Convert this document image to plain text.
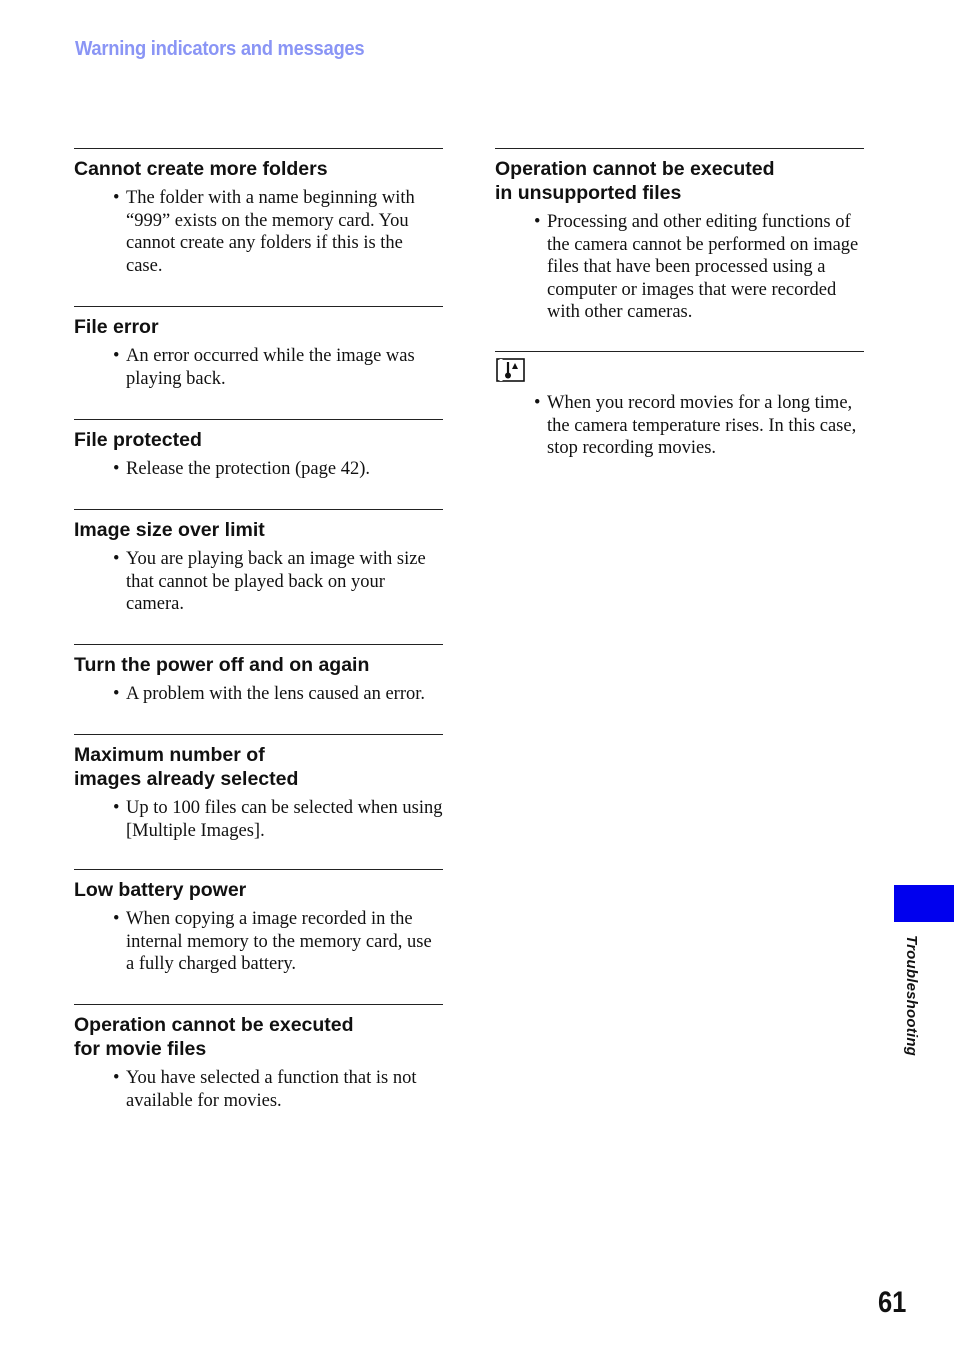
Warning indicators and messages
Cannot create more folders
• The folder with a name beginning with “999” exists on the memory card. You cannot create any folders if this is the case.
File error
• An error occurred while the image was playing back.
File protected
• Release the protection (page 42).
Image size over limit
• You are playing back an image with size that cannot be played back on your camera.
Turn the power off and on again
• A problem with the lens caused an error.
Maximum number of
images already selected
• Up to 100 files can be selected when using [Multiple Images].
Low battery power
• When copying a image recorded in the internal memory to the memory card, use a fully charged battery.
Operation cannot be executed
for movie files
• You have selected a function that is not available for movies.
Operation cannot be executed
in unsupported files
• Processing and other editing functions of the camera cannot be performed on image files that have been processed using a computer or images that were recorded with other cameras.
• When you record movies for a long time, the camera temperature rises. In this case, stop recording movies.
Troubleshooting
61
